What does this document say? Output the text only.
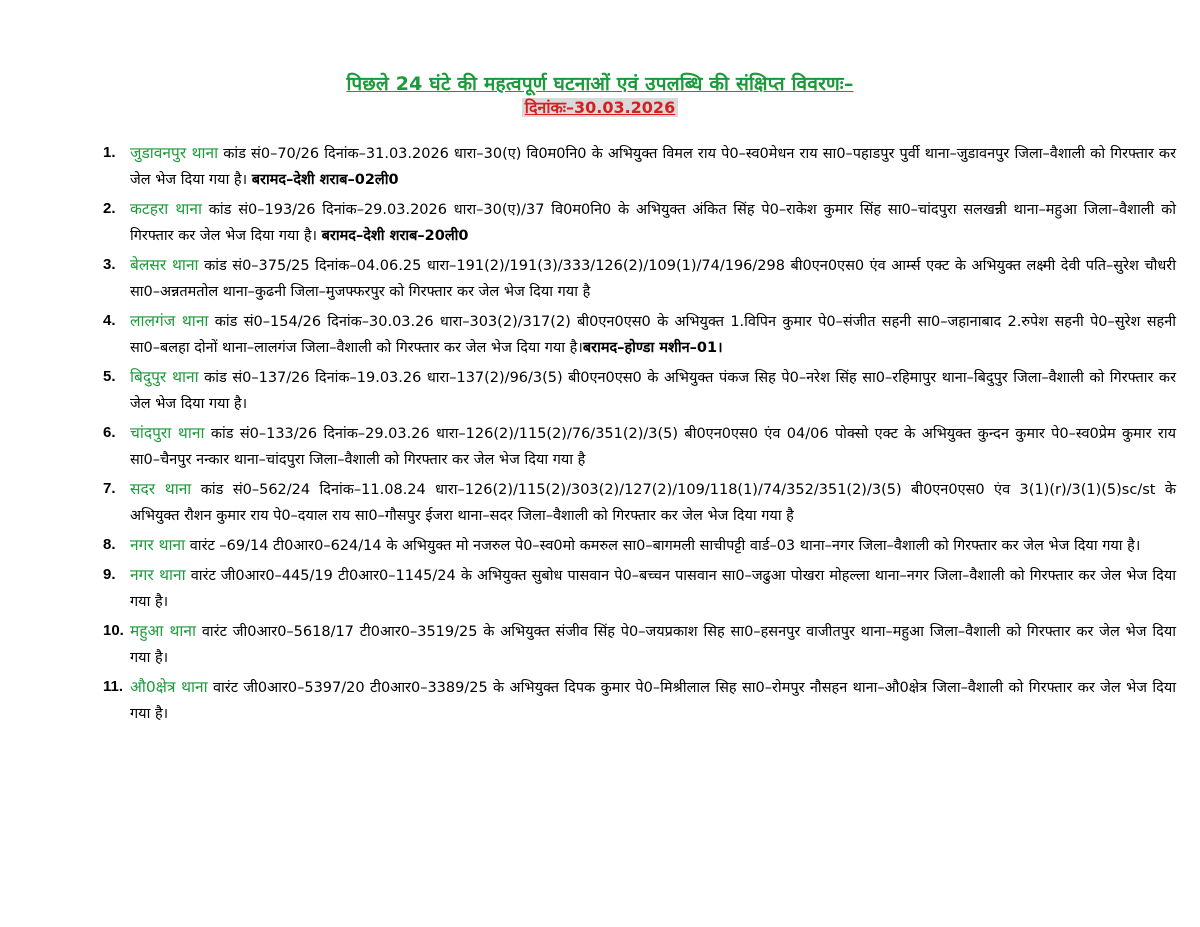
पिछले 24 घंटे की महत्वपूर्ण घटनाओं एवं उपलब्धि की संक्षिप्त विवरणः–
दिनांकः–30.03.2026
1. जुडावनपुर थाना कांड सं0–70/26 दिनांक–31.03.2026 धारा–30(ए) वि0म0नि0 के अभियुक्त विमल राय पे0–स्व0मेधन राय सा0–पहाडपुर पुर्वी थाना–जुडावनपुर जिला–वैशाली को गिरफ्तार कर जेल भेज दिया गया है। बरामद–देशी शराब–02ली0
2. कटहरा थाना कांड सं0–193/26 दिनांक–29.03.2026 धारा–30(ए)/37 वि0म0नि0 के अभियुक्त अंकित सिंह पे0–राकेश कुमार सिंह सा0–चांदपुरा सलखन्नी थाना–महुआ जिला–वैशाली को गिरफ्तार कर जेल भेज दिया गया है। बरामद–देशी शराब–20ली0
3. बेलसर थाना कांड सं0–375/25 दिनांक–04.06.25 धारा–191(2)/191(3)/333/126(2)/109(1)/74/196/298 बी0एन0एस0 एंव आर्म्स एक्ट के अभियुक्त लक्ष्मी देवी पति–सुरेश चौधरी सा0–अन्नतमतोल थाना–कुढनी जिला–मुजफ्फरपुर को गिरफ्तार कर जेल भेज दिया गया है
4. लालगंज थाना कांड सं0–154/26 दिनांक–30.03.26 धारा–303(2)/317(2) बी0एन0एस0 के अभियुक्त 1.विपिन कुमार पे0–संजीत सहनी सा0–जहानाबाद 2.रुपेश सहनी पे0–सुरेश सहनी सा0–बलहा दोनों थाना–लालगंज जिला–वैशाली को गिरफ्तार कर जेल भेज दिया गया है।बरामद–होण्डा मशीन–01।
5. बिदुपुर थाना कांड सं0–137/26 दिनांक–19.03.26 धारा–137(2)/96/3(5) बी0एन0एस0 के अभियुक्त पंकज सिह पे0–नरेश सिंह सा0–रहिमापुर थाना–बिदुपुर जिला–वैशाली को गिरफ्तार कर जेल भेज दिया गया है।
6. चांदपुरा थाना कांड सं0–133/26 दिनांक–29.03.26 धारा–126(2)/115(2)/76/351(2)/3(5) बी0एन0एस0 एंव 04/06 पोक्सो एक्ट के अभियुक्त कुन्दन कुमार पे0–स्व0प्रेम कुमार राय सा0–चैनपुर नन्कार थाना–चांदपुरा जिला–वैशाली को गिरफ्तार कर जेल भेज दिया गया है
7. सदर थाना कांड सं0–562/24 दिनांक–11.08.24 धारा–126(2)/115(2)/303(2)/127(2)/109/118(1)/74/352/351(2)/3(5) बी0एन0एस0 एंव 3(1)(r)/3(1)(5)sc/st के अभियुक्त रौशन कुमार राय पे0–दयाल राय सा0–गौसपुर ईजरा थाना–सदर जिला–वैशाली को गिरफ्तार कर जेल भेज दिया गया है
8. नगर थाना वारंट –69/14 टी0आर0–624/14 के अभियुक्त मो नजरुल पे0–स्व0मो कमरुल सा0–बागमली साचीपट्टी वार्ड–03 थाना–नगर जिला–वैशाली को गिरफ्तार कर जेल भेज दिया गया है।
9. नगर थाना वारंट जी0आर0–445/19 टी0आर0–1145/24 के अभियुक्त सुबोध पासवान पे0–बच्चन पासवान सा0–जढुआ पोखरा मोहल्ला थाना–नगर जिला–वैशाली को गिरफ्तार कर जेल भेज दिया गया है।
10. महुआ थाना वारंट जी0आर0–5618/17 टी0आर0–3519/25 के अभियुक्त संजीव सिंह पे0–जयप्रकाश सिह सा0–हसनपुर वाजीतपुर थाना–महुआ जिला–वैशाली को गिरफ्तार कर जेल भेज दिया गया है।
11. औ0क्षेत्र थाना वारंट जी0आर0–5397/20 टी0आर0–3389/25 के अभियुक्त दिपक कुमार पे0–मिश्रीलाल सिह सा0–रोमपुर नौसहन थाना–औ0क्षेत्र जिला–वैशाली को गिरफ्तार कर जेल भेज दिया गया है।
